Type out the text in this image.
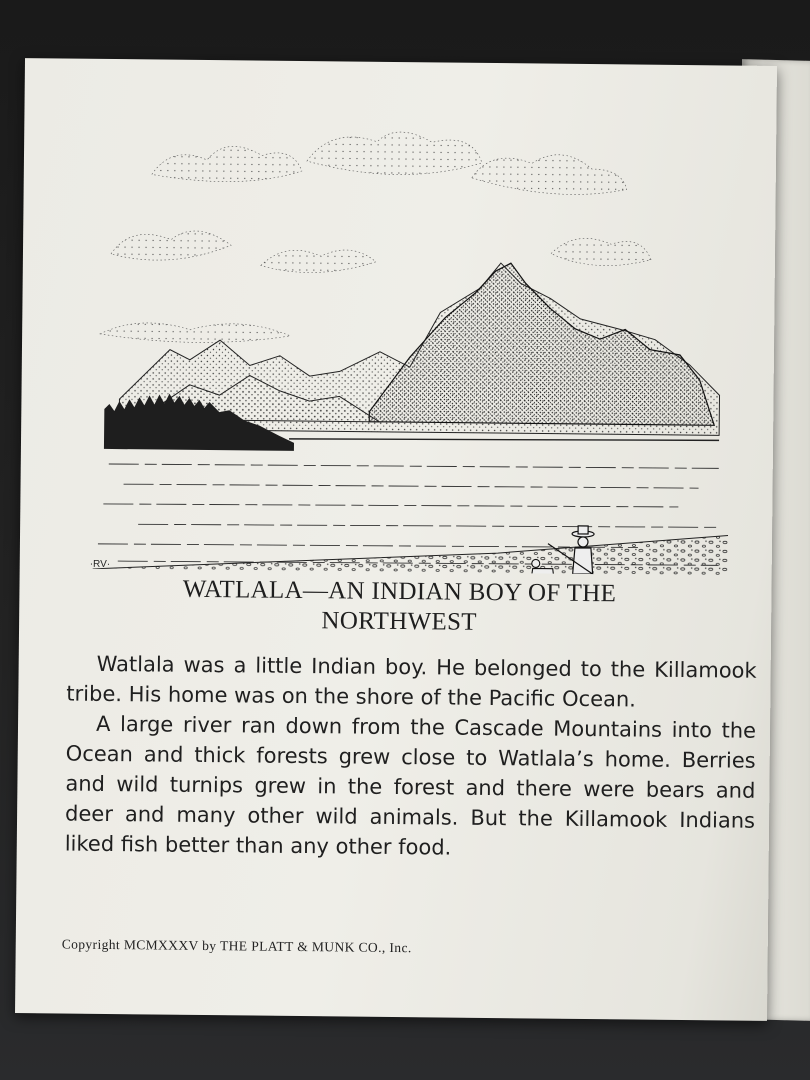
·RV·
WATLALA—AN INDIAN BOY OF THE
NORTHWEST

Watlala was a little Indian boy. He belonged to the Killamook tribe. His home was on the shore of the Pacific Ocean.

A large river ran down from the Cascade Mountains into the Ocean and thick forests grew close to Watlala’s home. Berries and wild turnips grew in the forest and there were bears and deer and many other wild animals. But the Killamook Indians liked fish better than any other food.

Copyright MCMXXXV by THE PLATT & MUNK CO., Inc.
